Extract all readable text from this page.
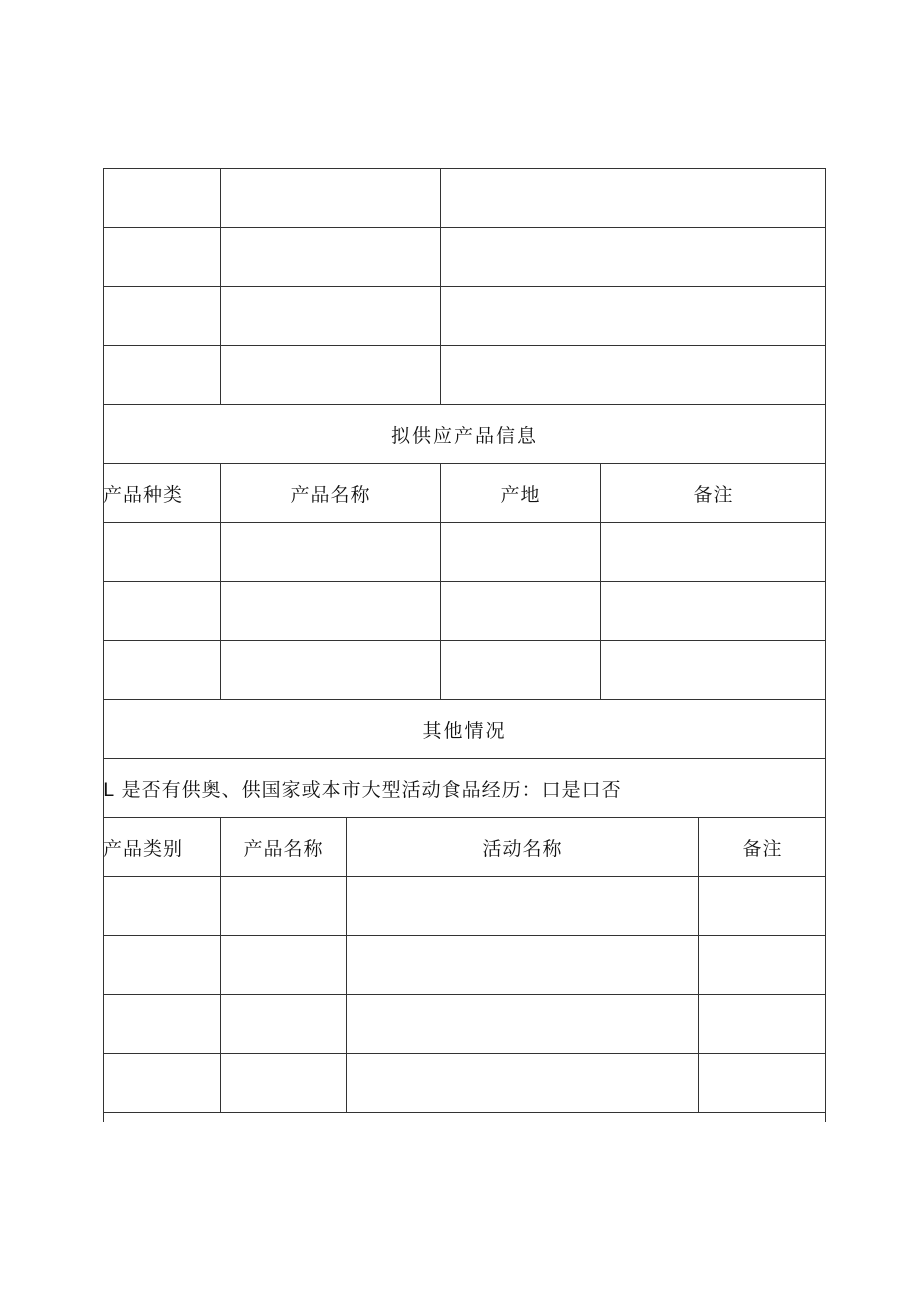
拟供应产品信息
产品种类	产品名称	产地	备注
其他情况
L 是否有供奥、供国家或本市大型活动食品经历：口是口否
产品类别	产品名称	活动名称	备注
